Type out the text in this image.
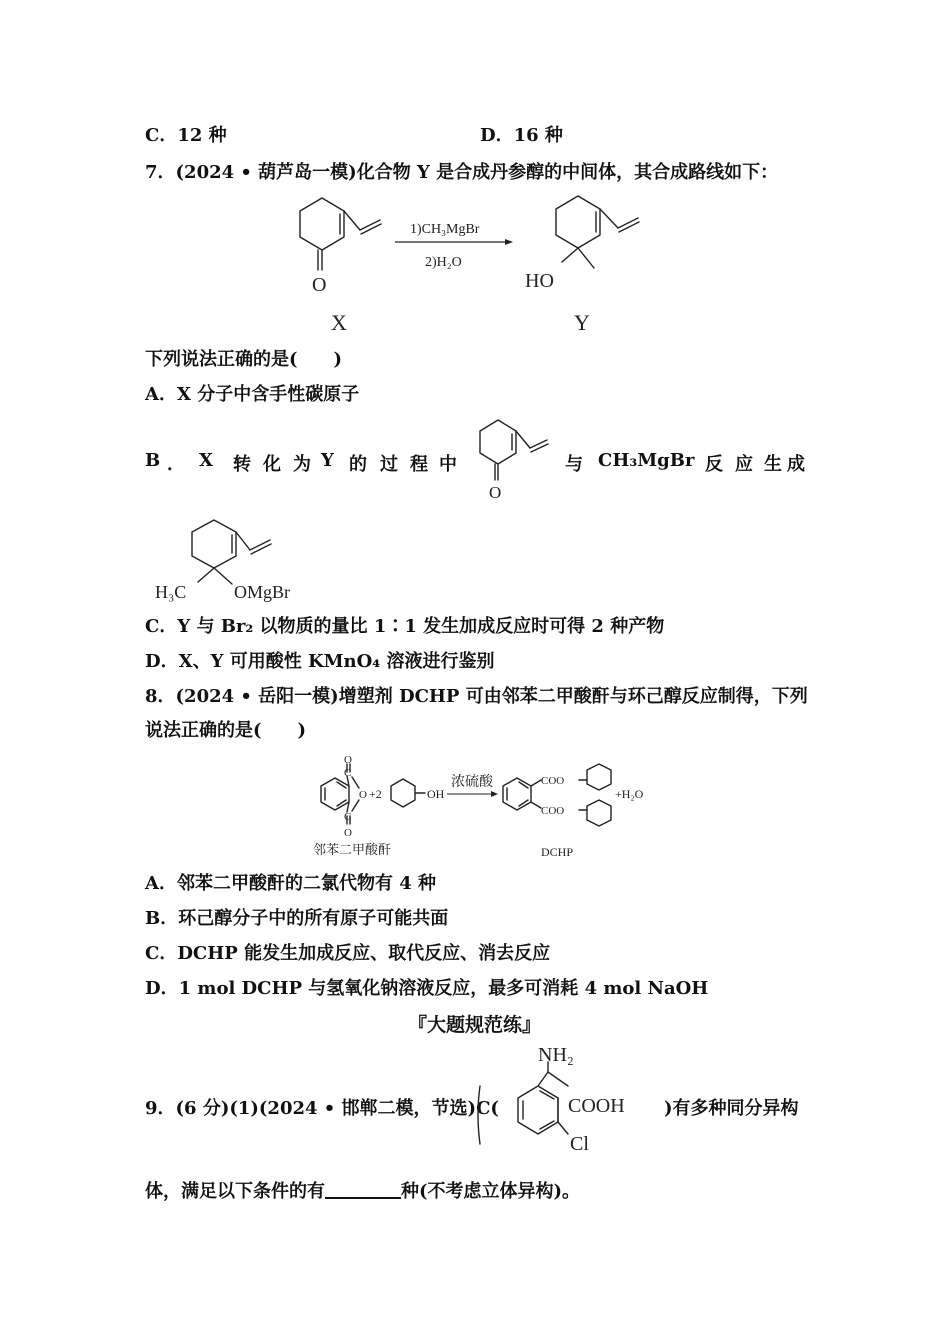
C．12 种	D．16 种
7．(2024 • 葫芦岛一模)化合物 Y 是合成丹参醇的中间体，其合成路线如下：
O
X
1)CH₃MgBr
2)H₂O
HO
Y
下列说法正确的是(　　)
A．X 分子中含手性碳原子
B ． X 转 化 为 Y 的 过 程 中	与 CH₃MgBr 反 应 生 成
O
H₃C	OMgBr
C．Y 与 Br₂ 以物质的量比 1∶1 发生加成反应时可得 2 种产物
D．X、Y 可用酸性 KMnO₄ 溶液进行鉴别
8．(2024 • 岳阳一模)增塑剂 DCHP 可由邻苯二甲酸酐与环己醇反应制得，下列
说法正确的是(　　)
O
C
O
C
O
+2	OH
浓硫酸	COO
COO
+H₂O
邻苯二甲酸酐	DCHP
A．邻苯二甲酸酐的二氯代物有 4 种
B．环己醇分子中的所有原子可能共面
C．DCHP 能发生加成反应、取代反应、消去反应
D．1 mol DCHP 与氢氧化钠溶液反应，最多可消耗 4 mol NaOH
『大题规范练』
9．(6 分)(1)(2024 • 邯郸二模，节选)C(
NH₂
COOH
Cl
)有多种同分异构
体，满足以下条件的有	种(不考虑立体异构)。
